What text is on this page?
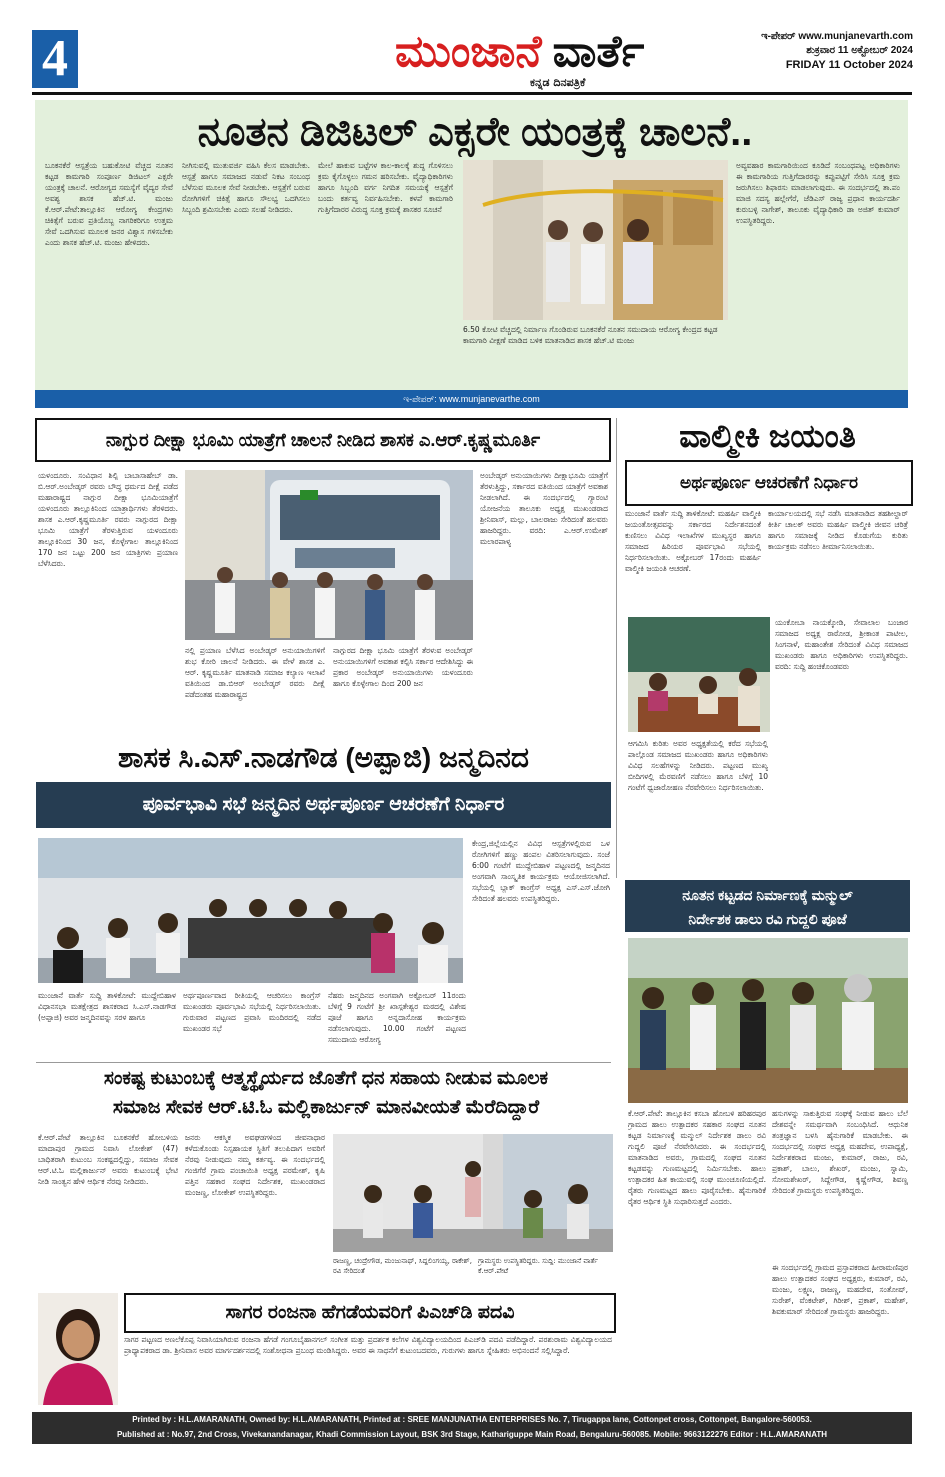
4	ಮುಂಜಾನೆ ವಾರ್ತೆ
ಕನ್ನಡ ದಿನಪತ್ರಿಕೆ
ಇ-ಪೇಪರ್ www.munjanevarth.com
ಶುಕ್ರವಾರ 11 ಅಕ್ಟೋಬರ್ 2024
FRIDAY 11 October 2024
ನೂತನ ಡಿಜಿಟಲ್ ಎಕ್ಸರೇ ಯಂತ್ರಕ್ಕೆ ಚಾಲನೆ..
ಬೂಕನಕೆರೆ ಆಸ್ಪತ್ರೆಯ ಬಹುಕೋಟಿ ವೆಚ್ಚದ ನೂತನ ಕಟ್ಟಡ ಕಾಮಗಾರಿ ಸಂಪೂರ್ಣ ಡಿಜಿಟಲ್ ಎಕ್ಸರೇ ಯಂತ್ರಕ್ಕೆ ಚಾಲನೆ. ಆರೋಗ್ಯದ ಸಮಸ್ಯೆಗೆ ವೈದ್ಯರ ಸೇವೆ ಅವಶ್ಯ ಶಾಸಕ ಹೆಚ್.ಟಿ. ಮಂಜು ಕೆ.ಆರ್.ಪೇಟೆ:ತಾಲ್ಲೂಕಿನ ಆರೋಗ್ಯ ಕೇಂದ್ರಗಳು ಚಿಕಿತ್ಸೆಗೆ ಬರುವ ಪ್ರತಿಯೊಬ್ಬ ನಾಗರಿಕರಿಗೂ ಉತ್ತಮ ಸೇವೆ ಒದಗಿಸುವ ಮೂಲಕ ಜನರ ವಿಶ್ವಾಸ ಗಳಿಸಬೇಕು ಎಂದು ಶಾಸಕ ಹೆಚ್.ಟಿ. ಮಂಜು ಹೇಳಿದರು.
ನೀಗಿಸುವಲ್ಲಿ ಮುತುವರ್ಜಿ ವಹಿಸಿ ಕೆಲಸ ಮಾಡಬೇಕು. ಆಸ್ಪತ್ರೆ ಹಾಗೂ ಸಮಾಜದ ನಡುವೆ ನಿಕಟ ಸಂಬಂಧ ಬೆಳೆಸುವ ಮೂಲಕ ಸೇವೆ ನೀಡಬೇಕು. ಆಸ್ಪತ್ರೆಗೆ ಬರುವ ರೋಗಿಗಳಿಗೆ ಚಿಕಿತ್ಸೆ ಹಾಗೂ ಸೌಲಭ್ಯ ಒದಗಿಸಲು ಸಿಬ್ಬಂದಿ ಶ್ರಮಿಸಬೇಕು ಎಂದು ಸಲಹೆ ನೀಡಿದರು.
ಮೇಲೆ ಹಾಕುವ ಬಟ್ಟೆಗಳ ಕಾಲ-ಕಾಲಕ್ಕೆ ಶುದ್ಧ ಗೊಳಿಸಲು ಕ್ರಮ ಕೈಗೊಳ್ಳಲು ಗಮನ ಹರಿಸಬೇಕು. ವೈದ್ಯಾಧಿಕಾರಿಗಳು ಹಾಗೂ ಸಿಬ್ಬಂದಿ ವರ್ಗ ನಿಗದಿತ ಸಮಯಕ್ಕೆ ಆಸ್ಪತ್ರೆಗೆ ಬಂದು ಕರ್ತವ್ಯ ನಿರ್ವಹಿಸಬೇಕು. ಕಳಪೆ ಕಾಮಗಾರಿ ಗುತ್ತಿಗೆದಾರರ ವಿರುದ್ಧ ಸೂಕ್ತ ಕ್ರಮಕ್ಕೆ ಶಾಸಕರ ಸೂಚನೆ
6.50 ಕೋಟಿ ವೆಚ್ಚದಲ್ಲಿ ನಿರ್ಮಾಣ ಗೊಂಡಿರುವ ಬೂಕನಕೆರೆ ನೂತನ ಸಮುದಾಯ ಆರೋಗ್ಯ ಕೇಂದ್ರದ ಕಟ್ಟಡ ಕಾಮಗಾರಿ ವೀಕ್ಷಣೆ ಮಾಡಿದ ಬಳಿಕ ಮಾತನಾಡಿದ ಶಾಸಕ ಹೆಚ್.ಟಿ ಮಂಜು
ಅವ್ಯವಹಾರ ಕಾಮಗಾರಿಯಿಂದ ಕೂಡಿದೆ ಸಂಬಂಧಪಟ್ಟ ಅಧಿಕಾರಿಗಳು ಈ ಕಾಮಗಾರಿಯ ಗುತ್ತಿಗೆದಾರರನ್ನು ಕಪ್ಪುಪಟ್ಟಿಗೆ ಸೇರಿಸಿ ಸೂಕ್ತ ಕ್ರಮ ಜರುಗಿಸಲು ಶಿಫಾರಸು ಮಾಡಲಾಗುವುದು. ಈ ಸಂದರ್ಭದಲ್ಲಿ ತಾ.ಪಂ ಮಾಜಿ ಸದಸ್ಯ ಹಲ್ಲೇಗೆರೆ, ಜೆಡಿಎಸ್ ರಾಜ್ಯ ಪ್ರಧಾನ ಕಾರ್ಯದರ್ಶಿ ಕುರುಬಳ್ಳಿ ನಾಗೇಶ್, ತಾಲೂಕು ವೈದ್ಯಾಧಿಕಾರಿ ಡಾ ಅಜಿತ್ ಕುಮಾರ್ ಉಪಸ್ಥಿತರಿದ್ದರು.
ಇ-ಪೇಪರ್: www.munjanevarthe.com
ನಾಗ್ಪುರ ದೀಕ್ಷಾ ಭೂಮಿ ಯಾತ್ರೆಗೆ ಚಾಲನೆ ನೀಡಿದ ಶಾಸಕ ಎ.ಆರ್.ಕೃಷ್ಣಮೂರ್ತಿ
ಯಳಂದೂರು. ಸಂವಿಧಾನ ಶಿಲ್ಪಿ ಬಾಬಾಸಾಹೇಬ್ ಡಾ. ಬಿ.ಆರ್.ಅಂಬೇಡ್ಕರ್ ರವರು ಬೌದ್ಧ ಧರ್ಮದ ದೀಕ್ಷೆ ಪಡೆದ ಮಹಾರಾಷ್ಟ್ರದ ನಾಗ್ಪುರ ದೀಕ್ಷಾ ಭೂಮಿಯಾತ್ರೆಗೆ ಯಳಂದೂರು ತಾಲ್ಲೂಕಿನಿಂದ ಯಾತ್ರಾರ್ಥಿಗಳು ತೆರಳಿದರು. ಶಾಸಕ ಎ.ಆರ್.ಕೃಷ್ಣಮೂರ್ತಿ ರವರು ನಾಗ್ಪುರದ ದೀಕ್ಷಾ ಭೂಮಿ ಯಾತ್ರೆಗೆ ತೆರಳುತ್ತಿರುವ ಯಳಂದೂರು ತಾಲ್ಲೂಕಿನಿಂದ 30 ಜನ, ಕೊಳ್ಳೇಗಾಲ ತಾಲ್ಲೂಕಿನಿಂದ 170 ಜನ ಒಟ್ಟು 200 ಜನ ಯಾತ್ರಿಗಳು ಪ್ರಯಾಣ ಬೆಳೆಸಿದರು.
ನಲ್ಲಿ ಪ್ರಯಾಣ ಬೆಳೆಸಿದ ಅಂಬೇಡ್ಕರ್ ಅನುಯಾಯಿಗಳಿಗೆ ಶುಭ ಕೋರಿ ಚಾಲನೆ ನೀಡಿದರು. ಈ ವೇಳೆ ಶಾಸಕ ಎ. ಆರ್. ಕೃಷ್ಣಮೂರ್ತಿ ಮಾತನಾಡಿ ಸಮಾಜ ಕಲ್ಯಾಣ ಇಲಾಖೆ ವತಿಯಿಂದ ಡಾ.ಬಿಆರ್ ಅಂಬೇಡ್ಕರ್ ರವರು ದೀಕ್ಷೆ ಪಡೆದಂತಹ ಮಹಾರಾಷ್ಟ್ರದ
ನಾಗ್ಪುರದ ದೀಕ್ಷಾ ಭೂಮಿ ಯಾತ್ರೆಗೆ ತೆರಳುವ ಅಂಬೇಡ್ಕರ್ ಅನುಯಾಯಿಗಳಿಗೆ ಅವಕಾಶ ಕಲ್ಪಿಸಿ ಸರ್ಕಾರ ಆದೇಶಿಸಿದ್ದು ಈ ಪ್ರಕಾರ ಅಂಬೇಡ್ಕರ್ ಅನುಯಾಯಿಗಳು ಯಳಂದೂರು ಹಾಗೂ ಕೊಳ್ಳೇಗಾಲ ದಿಂದ 200 ಜನ
ಅಂಬೇಡ್ಕರ್ ಅನುಯಾಯಿಗಳು ದೀಕ್ಷಾಭೂಮಿ ಯಾತ್ರೆಗೆ ತೆರಳುತ್ತಿದ್ದು, ಸರ್ಕಾರದ ವತಿಯಿಂದ ಯಾತ್ರೆಗೆ ಅವಕಾಶ ನೀಡಲಾಗಿದೆ. ಈ ಸಂದರ್ಭದಲ್ಲಿ ಗ್ಯಾರಂಟಿ ಯೋಜನೆಯ ತಾಲೂಕು ಅಧ್ಯಕ್ಷ ಮುಖಂಡರಾದ ಶ್ರೀನಿವಾಸ್, ಮಲ್ಲು, ಬಾಲರಾಜು ಸೇರಿದಂತೆ ಹಲವರು ಹಾಜರಿದ್ದರು. ವರದಿ: ಎ.ಆರ್.ಉಮೇಶ್ ಮಲಾರಪಾಳ್ಯ
ವಾಲ್ಮೀಕಿ ಜಯಂತಿ
ಅರ್ಥಪೂರ್ಣ ಆಚರಣೆಗೆ ನಿರ್ಧಾರ
ಮುಂಜಾನೆ ವಾರ್ತೆ ಸುದ್ದಿ ತಾಳಿಕೋಟೆ: ಮಹರ್ಷಿ ವಾಲ್ಮೀಕಿ ಜಯಂತೋತ್ಸವವನ್ನು ಸರ್ಕಾರದ ನಿರ್ದೇಶನದಂತೆ ಕುಣಿಸಲು ವಿವಿಧ ಇಲಾಖೆಗಳ ಮುಖ್ಯಸ್ಥರ ಹಾಗೂ ಸಮಾಜದ ಹಿರಿಯರ ಪೂರ್ವಭಾವಿ ಸಭೆಯಲ್ಲಿ ನಿರ್ಧರಿಸಲಾಯಿತು. ಅಕ್ಟೋಬರ್ 17ರಂದು ಮಹರ್ಷಿ ವಾಲ್ಮೀಕಿ ಜಯಂತಿ ಆಚರಣೆ.
ಕಾರ್ಯಾಲಯದಲ್ಲಿ ಸಭೆ ನಡೆಸಿ ಮಾತನಾಡಿದ ತಹಶೀಲ್ದಾರ್ ಕೀರ್ತಿ ಚಾಲಕ್ ಅವರು ಮಹರ್ಷಿ ವಾಲ್ಮೀಕಿ ಜೀವನ ಚರಿತ್ರೆ ಹಾಗೂ ಸಮಾಜಕ್ಕೆ ನೀಡಿದ ಕೊಡುಗೆಯ ಕುರಿತು ಕಾರ್ಯಕ್ರಮ ನಡೆಸಲು ತೀರ್ಮಾನಿಸಲಾಯಿತು.
ಆಗಮಿಸಿ ಕುರಿತು ಅವರ ಅಧ್ಯಕ್ಷತೆಯಲ್ಲಿ ಕರೆದ ಸಭೆಯಲ್ಲಿ ಪಾಲ್ಗೊಂಡ ಸಮಾಜದ ಮುಖಂಡರು ಹಾಗೂ ಅಧಿಕಾರಿಗಳು ವಿವಿಧ ಸಲಹೆಗಳನ್ನು ನೀಡಿದರು. ಪಟ್ಟಣದ ಮುಖ್ಯ ಬೀದಿಗಳಲ್ಲಿ ಮೆರವಣಿಗೆ ನಡೆಸಲು ಹಾಗೂ ಬೆಳಿಗ್ಗೆ 10 ಗಂಟೆಗೆ ಧ್ವಜಾರೋಹಣ ನೆರವೇರಿಸಲು ನಿರ್ಧರಿಸಲಾಯಿತು.
ಯಂಕೋಬಾ ನಾಯಕ್ಕೋಡಿ, ಸೇವಾಲಾಲ ಬಂಜಾರ ಸಮಾಜದ ಅಧ್ಯಕ್ಷ ರಾಠೋಡ, ಶ್ರೀಕಾಂತ ಪಾಟೀಲ, ಸಿಂಗನಾಳೆ, ಮಹಾಂತೇಶ ಸೇರಿದಂತೆ ವಿವಿಧ ಸಮಾಜದ ಮುಖಂಡರು ಹಾಗೂ ಅಧಿಕಾರಿಗಳು ಉಪಸ್ಥಿತರಿದ್ದರು. ವರದಿ: ಸುದ್ದಿ ಹಂಚಿಕೊಂಡವರು
ಶಾಸಕ ಸಿ.ಎಸ್.ನಾಡಗೌಡ (ಅಪ್ಪಾಜಿ) ಜನ್ಮದಿನದ
ಪೂರ್ವಭಾವಿ ಸಭೆ ಜನ್ಮದಿನ ಅರ್ಥಪೂರ್ಣ ಆಚರಣೆಗೆ ನಿರ್ಧಾರ
ಕೇಂದ್ರ,ಜಿಲ್ಲೆಯಲ್ಲಿನ ವಿವಿಧ ಆಸ್ಪತ್ರೆಗಳಲ್ಲಿರುವ ಒಳ ರೋಗಿಗಳಿಗೆ ಹಣ್ಣು ಹಂಪಲ ವಿತರಿಸಲಾಗುವುದು. ಸಂಜೆ 6:00 ಗಂಟೆಗೆ ಮುದ್ದೇಬಿಹಾಳ ಪಟ್ಟಣದಲ್ಲಿ ಜನ್ಮದಿನದ ಅಂಗವಾಗಿ ಸಾಂಸ್ಕೃತಿಕ ಕಾರ್ಯಕ್ರಮ ಆಯೋಜಿಸಲಾಗಿದೆ. ಸಭೆಯಲ್ಲಿ ಬ್ಲಾಕ್ ಕಾಂಗ್ರೆಸ್ ಅಧ್ಯಕ್ಷ ಎಸ್.ಎಸ್.ಜೋಗಿ ಸೇರಿದಂತೆ ಹಲವರು ಉಪಸ್ಥಿತರಿದ್ದರು.
ಮುಂಜಾನೆ ವಾರ್ತೆ ಸುದ್ದಿ ತಾಳಿಕೋಟೆ: ಮುದ್ದೇಬಿಹಾಳ ವಿಧಾನಸಭಾ ಮತಕ್ಷೇತ್ರದ ಶಾಸಕರಾದ ಸಿ.ಎಸ್.ನಾಡಗೌಡ (ಅಪ್ಪಾಜಿ) ಅವರ ಜನ್ಮದಿನವನ್ನು ಸರಳ ಹಾಗೂ
ಅರ್ಥಪೂರ್ಣವಾದ ರೀತಿಯಲ್ಲಿ ಆಚರಿಸಲು ಕಾಂಗ್ರೆಸ್ ಮುಖಂಡರು ಪೂರ್ವಭಾವಿ ಸಭೆಯಲ್ಲಿ ನಿರ್ಧರಿಸಲಾಯಿತು. ಗುರುವಾರ ಪಟ್ಟಣದ ಪ್ರವಾಸಿ ಮಂದಿರದಲ್ಲಿ ನಡೆದ ಮುಖಂಡರ ಸಭೆ
ನೆಹರು ಜನ್ಮದಿನದ ಅಂಗವಾಗಿ ಅಕ್ಟೋಬರ್ 11ರಂದು ಬೆಳಿಗ್ಗೆ 9 ಗಂಟೆಗೆ ಶ್ರೀ ಖಾಸ್ಗತೇಶ್ವರ ಮಠದಲ್ಲಿ ವಿಶೇಷ ಪೂಜೆ ಹಾಗೂ ಅನ್ನದಾಸೋಹ ಕಾರ್ಯಕ್ರಮ ನಡೆಸಲಾಗುವುದು. 10.00 ಗಂಟೆಗೆ ಪಟ್ಟಣದ ಸಮುದಾಯ ಆರೋಗ್ಯ
ನೂತನ ಕಟ್ಟಡದ ನಿರ್ಮಾಣಕ್ಕೆ ಮನ್ಮುಲ್
ನಿರ್ದೇಶಕ ಡಾಲು ರವಿ ಗುದ್ದಲಿ ಪೂಜೆ
ಕೆ.ಆರ್.ಪೇಟೆ: ತಾಲ್ಲೂಕಿನ ಕಸಬಾ ಹೋಬಳಿ ಹರಿಹರಪುರ ಗ್ರಾಮದ ಹಾಲು ಉತ್ಪಾದಕರ ಸಹಕಾರ ಸಂಘದ ನೂತನ ಕಟ್ಟಡ ನಿರ್ಮಾಣಕ್ಕೆ ಮನ್ಮುಲ್ ನಿರ್ದೇಶಕ ಡಾಲು ರವಿ ಗುದ್ದಲಿ ಪೂಜೆ ನೆರವೇರಿಸಿದರು. ಈ ಸಂದರ್ಭದಲ್ಲಿ ಮಾತನಾಡಿದ ಅವರು, ಗ್ರಾಮದಲ್ಲಿ ಸಂಘದ ನೂತನ ಕಟ್ಟಡವನ್ನು ಗುಣಮಟ್ಟದಲ್ಲಿ ನಿರ್ಮಿಸಬೇಕು. ಹಾಲು ಉತ್ಪಾದಕರ ಹಿತ ಕಾಯುವಲ್ಲಿ ಸಂಘ ಮುಂಚೂಣಿಯಲ್ಲಿದೆ. ರೈತರು ಗುಣಮಟ್ಟದ ಹಾಲು ಪೂರೈಸಬೇಕು. ಹೈನುಗಾರಿಕೆ ರೈತರ ಆರ್ಥಿಕ ಸ್ಥಿತಿ ಸುಧಾರಿಸುತ್ತದೆ ಎಂದರು.
ಹಸುಗಳನ್ನು ಸಾಕುತ್ತಿರುವ ಸಂಘಕ್ಕೆ ನೀಡುವ ಹಾಲು ಬೆಲೆ ದೇಶವನ್ನೇ ಸಮರ್ಥವಾಗಿ ಸಂಬಂಧಿಸಿದೆ. ಆಧುನಿಕ ತಂತ್ರಜ್ಞಾನ ಬಳಸಿ ಹೈನುಗಾರಿಕೆ ಮಾಡಬೇಕು. ಈ ಸಂದರ್ಭದಲ್ಲಿ ಸಂಘದ ಅಧ್ಯಕ್ಷ ಮಹದೇವ, ಉಪಾಧ್ಯಕ್ಷೆ, ನಿರ್ದೇಶಕರಾದ ಮಂಜು, ಕುಮಾರ್, ರಾಜು, ರವಿ, ಪ್ರಕಾಶ್, ಬಾಲು, ಶೇಖರ್, ಮಂಜು, ಸ್ವಾಮಿ, ಸೋಮಶೇಖರ್, ಸಿದ್ದೇಗೌಡ, ಕೃಷ್ಣೇಗೌಡ, ಶಿವಣ್ಣ ಸೇರಿದಂತೆ ಗ್ರಾಮಸ್ಥರು ಉಪಸ್ಥಿತರಿದ್ದರು.
ಈ ಸಂದರ್ಭದಲ್ಲಿ ಗ್ರಾಮದ ಪ್ರಸ್ತಾಪಕರಾದ ಹೀರಾಮಣಿಪುರ ಹಾಲು ಉತ್ಪಾದಕರ ಸಂಘದ ಅಧ್ಯಕ್ಷರು, ಕುಮಾರ್, ರವಿ, ಮಂಜು, ಲಕ್ಷ್ಮಣ, ರಾಜಣ್ಣ, ಮಹದೇವ, ಸಂತೋಷ್, ಸುರೇಶ್, ವೆಂಕಟೇಶ್, ಗಿರೀಶ್, ಪ್ರಕಾಶ್, ಮಹೇಶ್, ಶಿವಕುಮಾರ್ ಸೇರಿದಂತೆ ಗ್ರಾಮಸ್ಥರು ಹಾಜರಿದ್ದರು.
ಸಂಕಷ್ಟ ಕುಟುಂಬಕ್ಕೆ ಆತ್ಮಸ್ಥೈರ್ಯದ ಜೊತೆಗೆ ಧನ ಸಹಾಯ ನೀಡುವ ಮೂಲಕ
ಸಮಾಜ ಸೇವಕ ಆರ್.ಟಿ.ಓ ಮಲ್ಲಿಕಾರ್ಜುನ್ ಮಾನವೀಯತೆ ಮೆರೆದಿದ್ದಾರೆ
ಕೆ.ಆರ್.ಪೇಟೆ ತಾಲ್ಲೂಕಿನ ಬೂಕನಕೆರೆ ಹೋಬಳಿಯ ಮಾದಾಪುರ ಗ್ರಾಮದ ನಿವಾಸಿ ಲೋಕೇಶ್ (47) ಬಾಧಿತರಾಗಿ ಕುಟುಂಬ ಸಂಕಷ್ಟದಲ್ಲಿದ್ದು, ಸಮಾಜ ಸೇವಕ ಆರ್.ಟಿ.ಓ ಮಲ್ಲಿಕಾರ್ಜುನ್ ಅವರು ಕುಟುಂಬಕ್ಕೆ ಭೇಟಿ ನೀಡಿ ಸಾಂತ್ವನ ಹೇಳಿ ಆರ್ಥಿಕ ನೆರವು ನೀಡಿದರು.
ಜನರು ಆಕಸ್ಮಿಕ ಅವಘಡಗಳಿಂದ ಜೀವನಾಧಾರ ಕಳೆದುಕೊಂಡು ನಿಸ್ಸಹಾಯಕ ಸ್ಥಿತಿಗೆ ತಲುಪಿದಾಗ ಅವರಿಗೆ ನೆರವು ನೀಡುವುದು ನಮ್ಮ ಕರ್ತವ್ಯ. ಈ ಸಂದರ್ಭದಲ್ಲಿ ಗಂಜಿಗೆರೆ ಗ್ರಾಮ ಪಂಚಾಯಿತಿ ಅಧ್ಯಕ್ಷ ಪರಮೇಶ್, ಕೃಷಿ ಪತ್ತಿನ ಸಹಕಾರ ಸಂಘದ ನಿರ್ದೇಶಕ, ಮುಖಂಡರಾದ ಮಂಜಣ್ಣ, ಲೋಕೇಶ್ ಉಪಸ್ಥಿತರಿದ್ದರು.
ರಾಜಣ್ಣ, ಚಂದ್ರೇಗೌಡ, ಮಂಜುನಾಥ್, ಸಿದ್ದಲಿಂಗಯ್ಯ, ರಾಕೇಶ್, ರವಿ ಸೇರಿದಂತೆ
ಗ್ರಾಮಸ್ಥರು ಉಪಸ್ಥಿತರಿದ್ದರು. ಸುದ್ದಿ: ಮುಂಜಾನೆ ವಾರ್ತೆ ಕೆ.ಆರ್.ಪೇಟೆ
ಸಾಗರ ರಂಜನಾ ಹೆಗಡೆಯವರಿಗೆ ಪಿಎಚ್‌ಡಿ ಪದವಿ
ಸಾಗರ ಪಟ್ಟಣದ ಅಣಲೆಕೊಪ್ಪ ನಿವಾಸಿಯಾಗಿರುವ ರಂಜನಾ ಹೆಗಡೆ ಗಂಗೂಬೈಹಾನಗಲ್ ಸಂಗೀತ ಮತ್ತು ಪ್ರದರ್ಶಕ ಕಲೆಗಳ ವಿಶ್ವವಿದ್ಯಾಲಯದಿಂದ ಪಿಎಚ್‌ಡಿ ಪದವಿ ಪಡೆದಿದ್ದಾರೆ. ಪರಶುರಾಮ ವಿಶ್ವವಿದ್ಯಾಲಯದ ಪ್ರಾಧ್ಯಾಪಕರಾದ ಡಾ. ಶ್ರೀನಿವಾಸ ಅವರ ಮಾರ್ಗದರ್ಶನದಲ್ಲಿ ಸಂಶೋಧನಾ ಪ್ರಬಂಧ ಮಂಡಿಸಿದ್ದರು. ಅವರ ಈ ಸಾಧನೆಗೆ ಕುಟುಂಬದವರು, ಗುರುಗಳು ಹಾಗೂ ಸ್ನೇಹಿತರು ಅಭಿನಂದನೆ ಸಲ್ಲಿಸಿದ್ದಾರೆ.
Printed by : H.L.AMARANATH, Owned by: H.L.AMARANATH, Printed at : SREE MANJUNATHA ENTERPRISES No. 7, Tirugappa lane, Cottonpet cross, Cottonpet, Bangalore-560053.
Published at : No.97, 2nd Cross, Vivekanandanagar, Khadi Commission Layout, BSK 3rd Stage, Kathariguppe Main Road, Bengaluru-560085. Mobile: 9663122276 Editor : H.L.AMARANATH
